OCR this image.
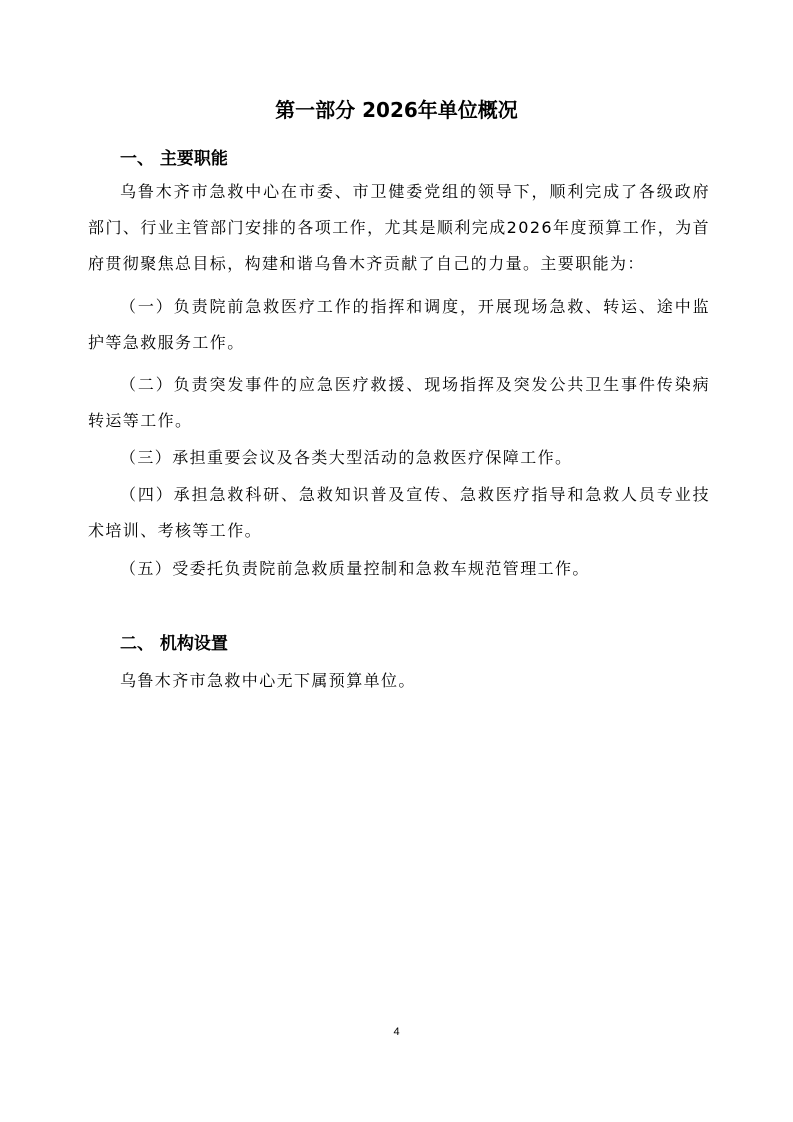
第一部分 2026年单位概况
一、 主要职能
乌鲁木齐市急救中心在市委、市卫健委党组的领导下，顺利完成了各级政府部门、行业主管部门安排的各项工作，尤其是顺利完成2026年度预算工作，为首府贯彻聚焦总目标，构建和谐乌鲁木齐贡献了自己的力量。主要职能为：
（一）负责院前急救医疗工作的指挥和调度，开展现场急救、转运、途中监护等急救服务工作。
（二）负责突发事件的应急医疗救援、现场指挥及突发公共卫生事件传染病转运等工作。
（三）承担重要会议及各类大型活动的急救医疗保障工作。
（四）承担急救科研、急救知识普及宣传、急救医疗指导和急救人员专业技术培训、考核等工作。
（五）受委托负责院前急救质量控制和急救车规范管理工作。
二、 机构设置
乌鲁木齐市急救中心无下属预算单位。
4
